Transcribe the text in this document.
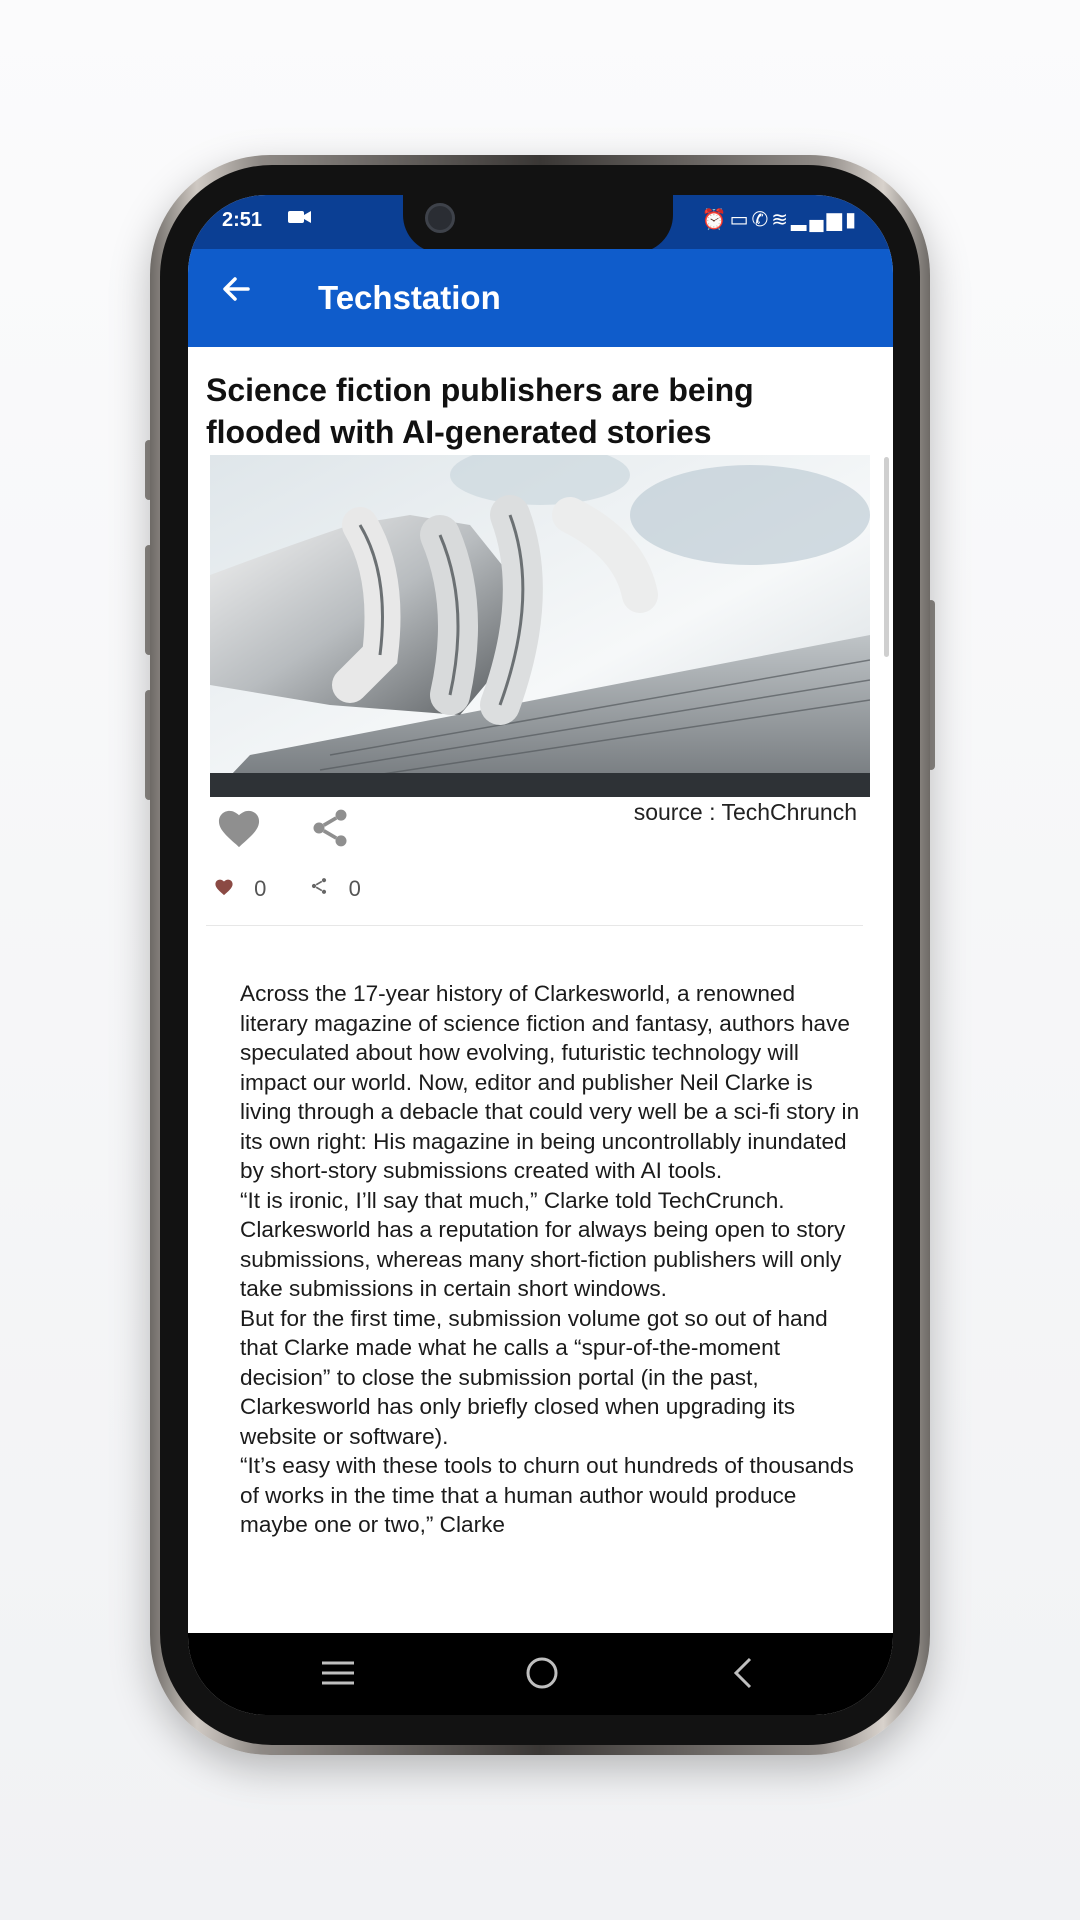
2:51	⏰▭✆≋▂▄▆▮
Techstation
Science fiction publishers are being flooded with AI-generated stories
source : TechChrunch
0	0

Across the 17-year history of Clarkesworld, a renowned literary magazine of science fiction and fantasy, authors have speculated about how evolving, futuristic technology will impact our world. Now, editor and publisher Neil Clarke is living through a debacle that could very well be a sci-fi story in its own right: His magazine in being uncontrollably inundated by short-story submissions created with AI tools.

“It is ironic, I’ll say that much,” Clarke told TechCrunch. Clarkesworld has a reputation for always being open to story submissions, whereas many short-fiction publishers will only take submissions in certain short windows.

But for the first time, submission volume got so out of hand that Clarke made what he calls a “spur-of-the-moment decision” to close the submission portal (in the past, Clarkesworld has only briefly closed when upgrading its website or software).

“It’s easy with these tools to churn out hundreds of thousands of works in the time that a human author would produce maybe one or two,” Clarke
